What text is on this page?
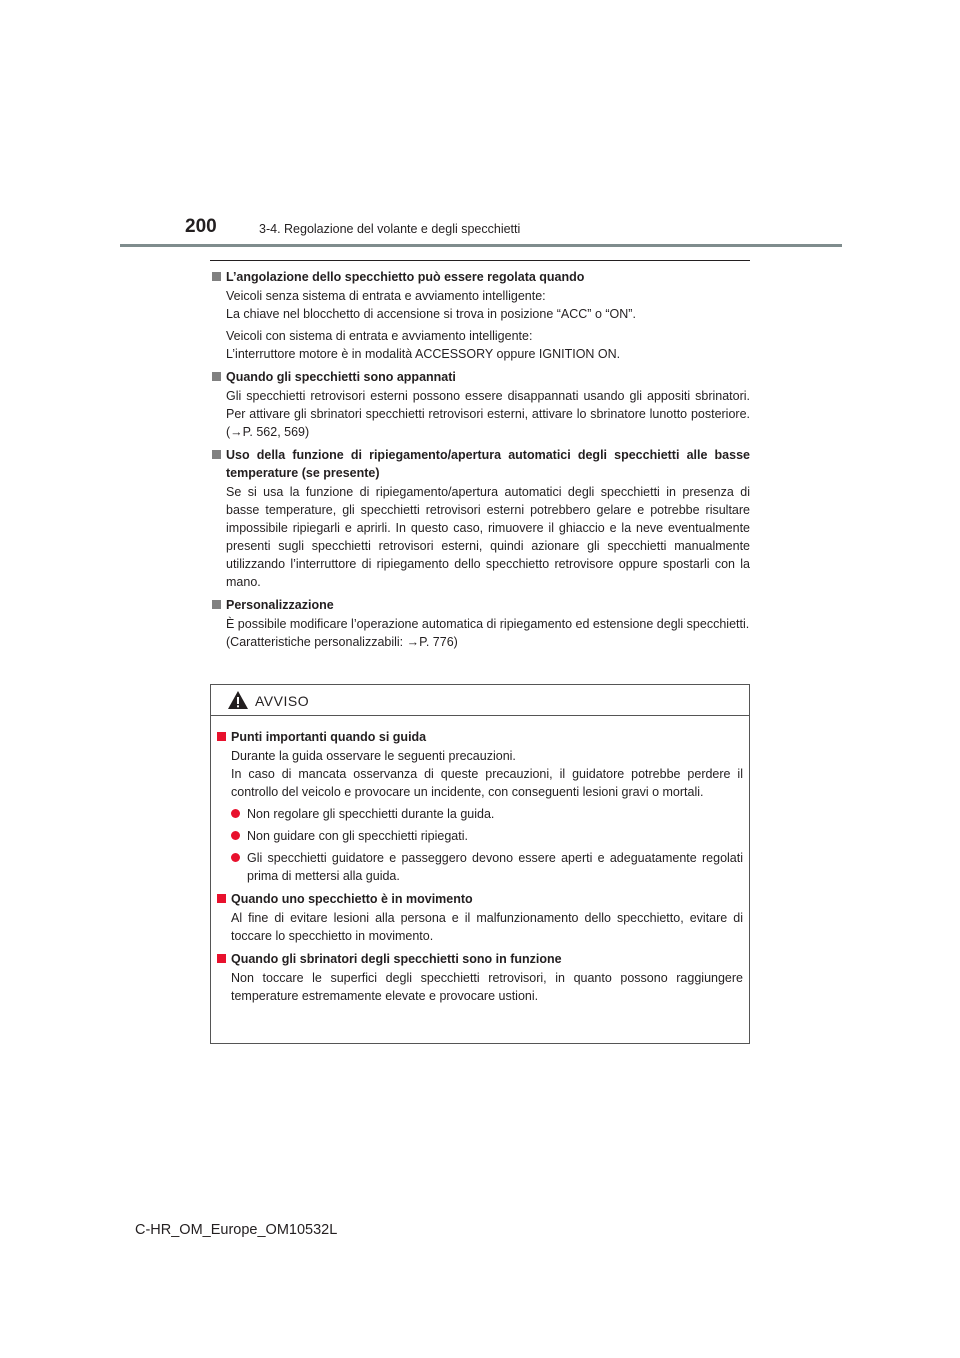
200	3-4. Regolazione del volante e degli specchietti
L’angolazione dello specchietto può essere regolata quando
Veicoli senza sistema di entrata e avviamento intelligente:
La chiave nel blocchetto di accensione si trova in posizione “ACC” o “ON”.
Veicoli con sistema di entrata e avviamento intelligente:
L’interruttore motore è in modalità ACCESSORY oppure IGNITION ON.
Quando gli specchietti sono appannati
Gli specchietti retrovisori esterni possono essere disappannati usando gli appositi sbrinatori. Per attivare gli sbrinatori specchietti retrovisori esterni, attivare lo sbrinatore lunotto posteriore. (→P. 562, 569)
Uso della funzione di ripiegamento/apertura automatici degli specchietti alle basse temperature (se presente)
Se si usa la funzione di ripiegamento/apertura automatici degli specchietti in presenza di basse temperature, gli specchietti retrovisori esterni potrebbero gelare e potrebbe risultare impossibile ripiegarli e aprirli. In questo caso, rimuovere il ghiaccio e la neve eventualmente presenti sugli specchietti retrovisori esterni, quindi azionare gli specchietti manualmente utilizzando l’interruttore di ripiegamento dello specchietto retrovisore oppure spostarli con la mano.
Personalizzazione
È possibile modificare l’operazione automatica di ripiegamento ed estensione degli specchietti.
(Caratteristiche personalizzabili: →P. 776)
AVVISO
Punti importanti quando si guida
Durante la guida osservare le seguenti precauzioni.
In caso di mancata osservanza di queste precauzioni, il guidatore potrebbe perdere il controllo del veicolo e provocare un incidente, con conseguenti lesioni gravi o mortali.
Non regolare gli specchietti durante la guida.
Non guidare con gli specchietti ripiegati.
Gli specchietti guidatore e passeggero devono essere aperti e adeguatamente regolati prima di mettersi alla guida.
Quando uno specchietto è in movimento
Al fine di evitare lesioni alla persona e il malfunzionamento dello specchietto, evitare di toccare lo specchietto in movimento.
Quando gli sbrinatori degli specchietti sono in funzione
Non toccare le superfici degli specchietti retrovisori, in quanto possono raggiungere temperature estremamente elevate e provocare ustioni.
C-HR_OM_Europe_OM10532L
